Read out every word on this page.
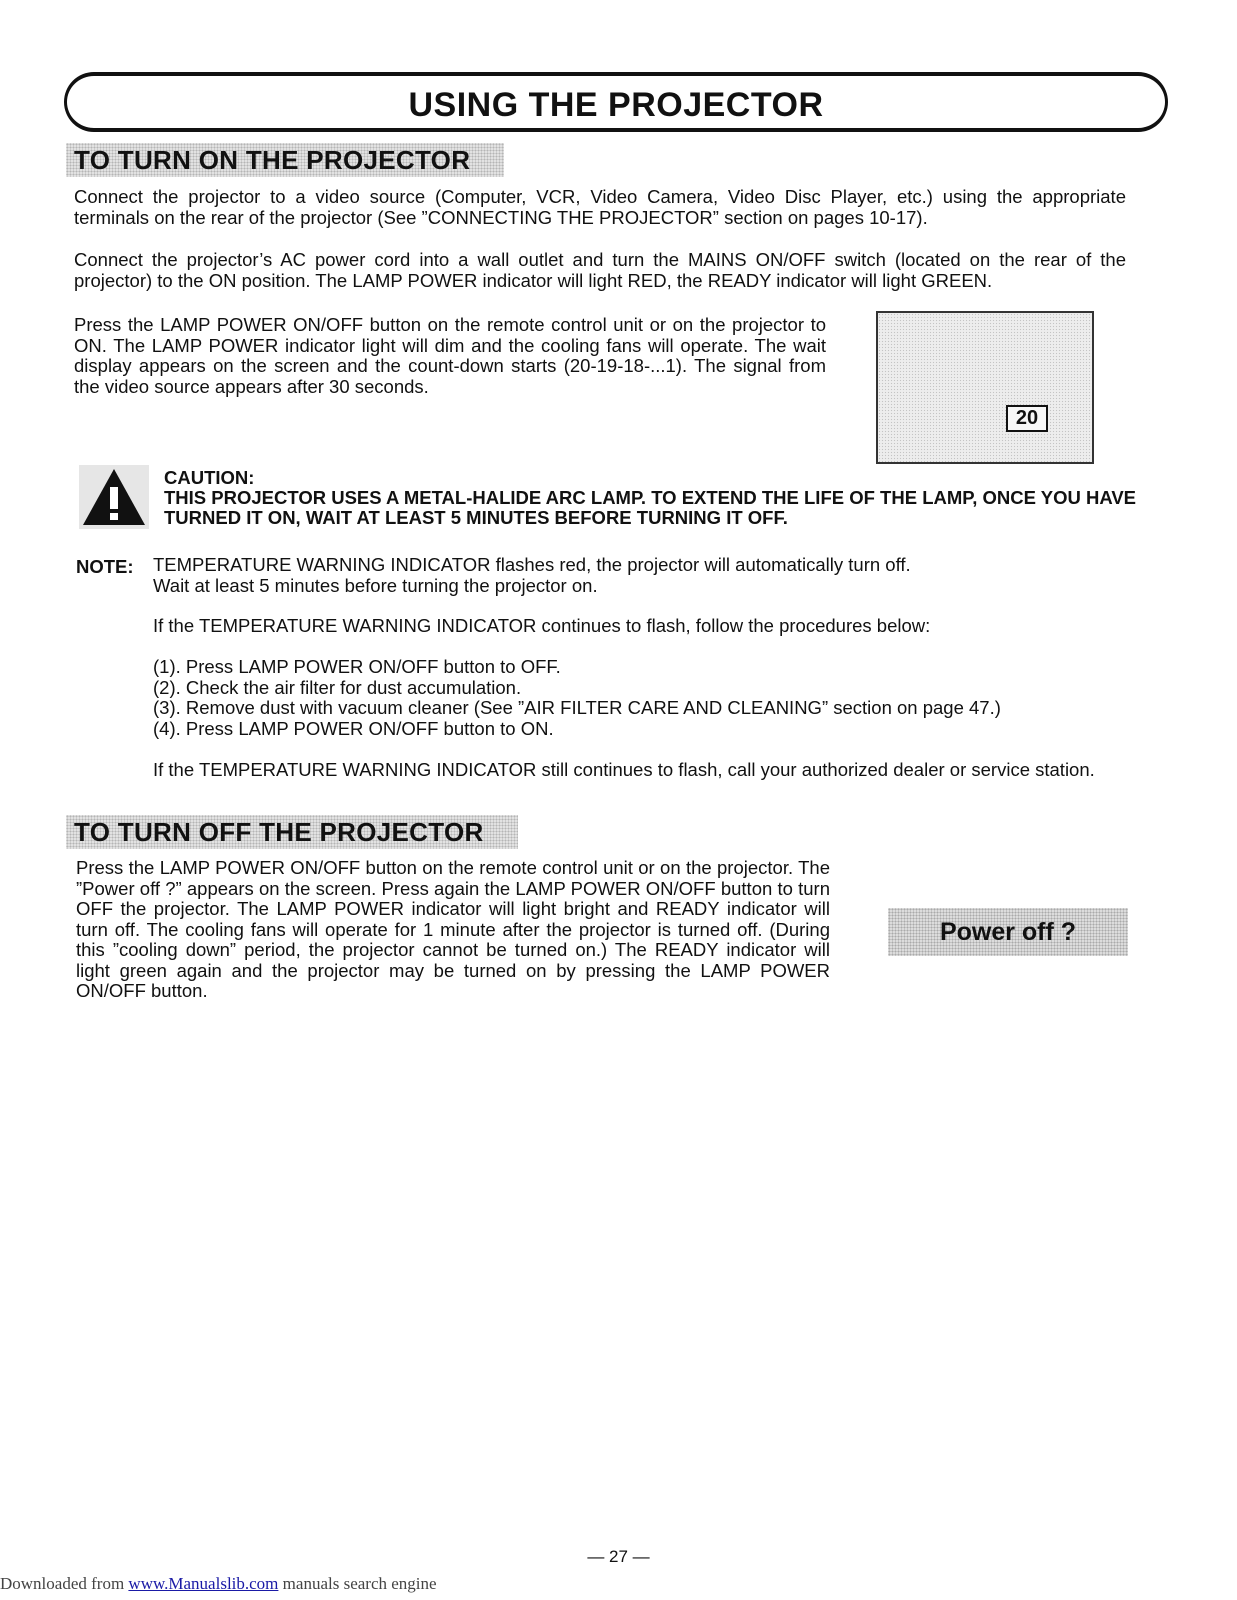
USING THE PROJECTOR
TO TURN ON THE PROJECTOR
Connect the projector to a video source (Computer, VCR, Video Camera, Video Disc Player, etc.) using the appropriate terminals on the rear of the projector (See ”CONNECTING THE PROJECTOR” section on pages 10-17).
Connect the projector’s AC power cord into a wall outlet and turn the MAINS ON/OFF switch (located on the rear of the projector) to the ON position. The LAMP POWER indicator will light RED, the READY indicator will light GREEN.
Press the LAMP POWER ON/OFF button on the remote control unit or on the projector to ON. The LAMP POWER indicator light will dim and the cooling fans will operate. The wait display appears on the screen and the count-down starts (20-19-18-...1). The signal from the video source appears after 30 seconds.
20
CAUTION:
THIS PROJECTOR USES A METAL-HALIDE ARC LAMP. TO EXTEND THE LIFE OF THE LAMP, ONCE YOU HAVE TURNED IT ON, WAIT AT LEAST 5 MINUTES BEFORE TURNING IT OFF.
NOTE: TEMPERATURE WARNING INDICATOR flashes red, the projector will automatically turn off.
Wait at least 5 minutes before turning the projector on.
If the TEMPERATURE WARNING INDICATOR continues to flash, follow the procedures below:
(1). Press LAMP POWER ON/OFF button to OFF.
(2). Check the air filter for dust accumulation.
(3). Remove dust with vacuum cleaner (See ”AIR FILTER CARE AND CLEANING” section on page 47.)
(4). Press LAMP POWER ON/OFF button to ON.
If the TEMPERATURE WARNING INDICATOR still continues to flash, call your authorized dealer or service station.
TO TURN OFF THE PROJECTOR
Press the LAMP POWER ON/OFF button on the remote control unit or on the projector. The ”Power off ?” appears on the screen. Press again the LAMP POWER ON/OFF button to turn OFF the projector. The LAMP POWER indicator will light bright and READY indicator will turn off. The cooling fans will operate for 1 minute after the projector is turned off. (During this ”cooling down” period, the projector cannot be turned on.) The READY indicator will light green again and the projector may be turned on by pressing the LAMP POWER ON/OFF button.
Power off ?
— 27 —
Downloaded from www.Manualslib.com manuals search engine
